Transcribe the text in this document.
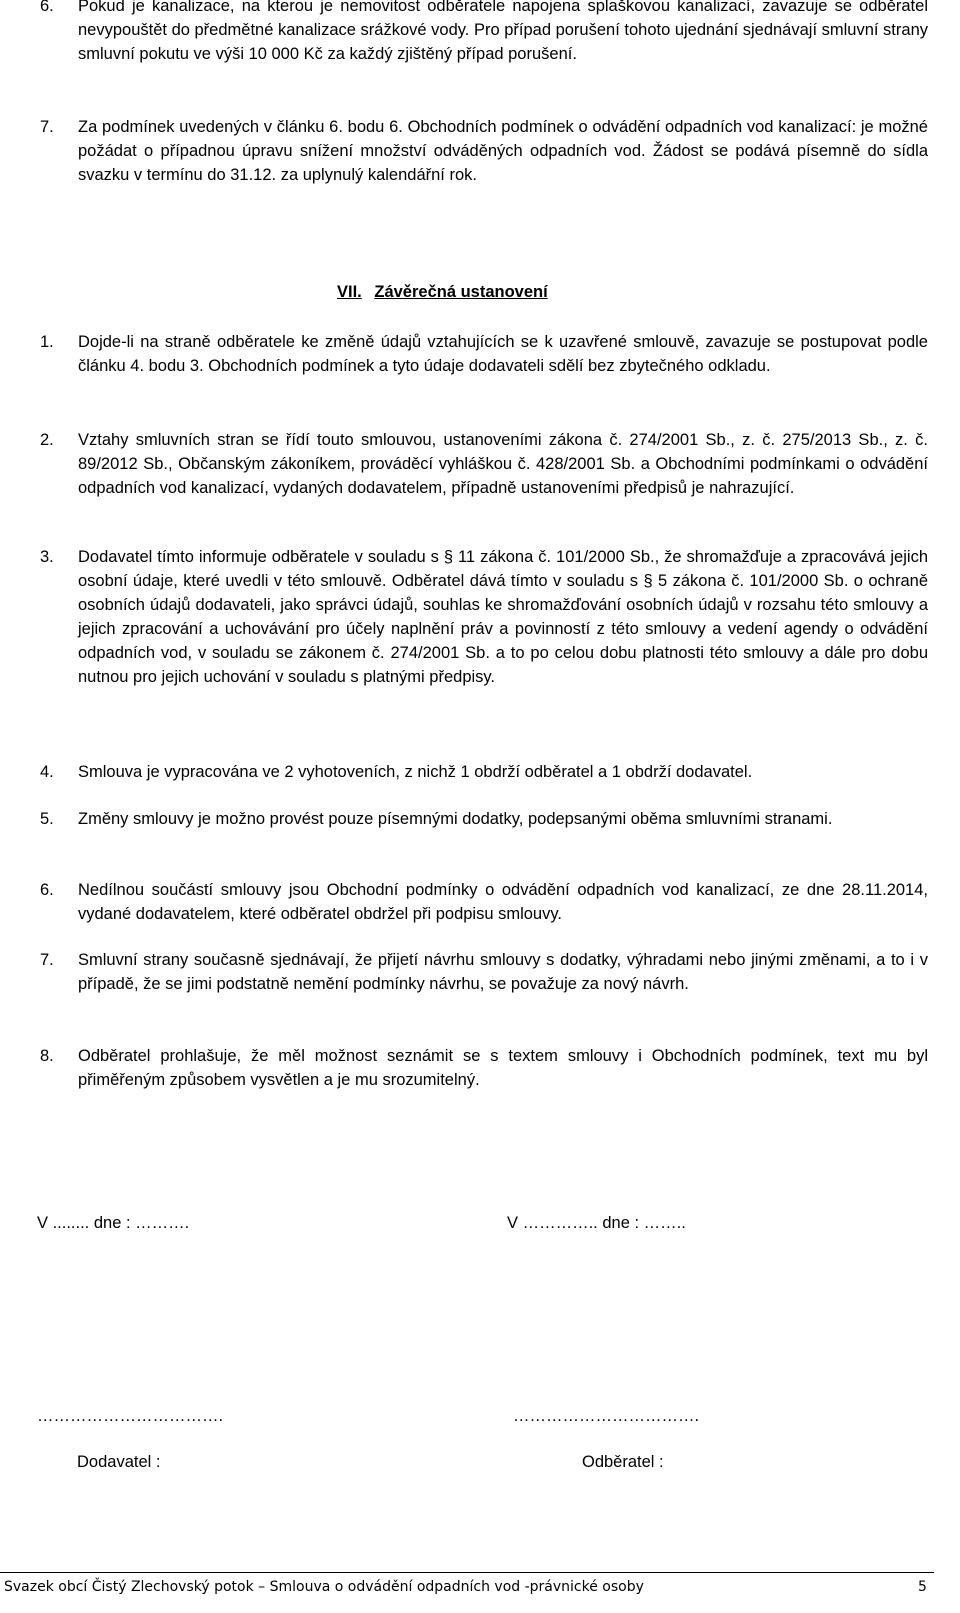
6. Pokud je kanalizace, na kterou je nemovitost odběratele napojena splaškovou kanalizací, zavazuje se odběratel nevypouštět do předmětné kanalizace srážkové vody. Pro případ porušení tohoto ujednání sjednávají smluvní strany smluvní pokutu ve výši 10 000 Kč za každý zjištěný případ porušení.
7. Za podmínek uvedených v článku 6. bodu 6. Obchodních podmínek o odvádění odpadních vod kanalizací: je možné požádat o případnou úpravu snížení množství odváděných odpadních vod. Žádost se podává písemně do sídla svazku v termínu do 31.12. za uplynulý kalendářní rok.
VII. Závěrečná ustanovení
1. Dojde-li na straně odběratele ke změně údajů vztahujících se k uzavřené smlouvě, zavazuje se postupovat podle článku 4. bodu 3. Obchodních podmínek a tyto údaje dodavateli sdělí bez zbytečného odkladu.
2. Vztahy smluvních stran se řídí touto smlouvou, ustanoveními zákona č. 274/2001 Sb., z. č. 275/2013 Sb., z. č. 89/2012 Sb., Občanským zákoníkem, prováděcí vyhláškou č. 428/2001 Sb. a Obchodními podmínkami o odvádění odpadních vod kanalizací, vydaných dodavatelem, případně ustanoveními předpisů je nahrazující.
3. Dodavatel tímto informuje odběratele v souladu s § 11 zákona č. 101/2000 Sb., že shromažďuje a zpracovává jejich osobní údaje, které uvedli v této smlouvě. Odběratel dává tímto v souladu s § 5 zákona č. 101/2000 Sb. o ochraně osobních údajů dodavateli, jako správci údajů, souhlas ke shromažďování osobních údajů v rozsahu této smlouvy a jejich zpracování a uchovávání pro účely naplnění práv a povinností z této smlouvy a vedení agendy o odvádění odpadních vod, v souladu se zákonem č. 274/2001 Sb. a to po celou dobu platnosti této smlouvy a dále pro dobu nutnou pro jejich uchování v souladu s platnými předpisy.
4. Smlouva je vypracována ve 2 vyhotoveních, z nichž 1 obdrží odběratel a 1 obdrží dodavatel.
5. Změny smlouvy je možno provést pouze písemnými dodatky, podepsanými oběma smluvními stranami.
6. Nedílnou součástí smlouvy jsou Obchodní podmínky o odvádění odpadních vod kanalizací, ze dne 28.11.2014, vydané dodavatelem, které odběratel obdržel při podpisu smlouvy.
7. Smluvní strany současně sjednávají, že přijetí návrhu smlouvy s dodatky, výhradami nebo jinými změnami, a to i v případě, že se jimi podstatně nemění podmínky návrhu, se považuje za nový návrh.
8. Odběratel prohlašuje, že měl možnost seznámit se s textem smlouvy i Obchodních podmínek, text mu byl přiměřeným způsobem vysvětlen a je mu srozumitelný.
V ........ dne : ……….	V ………….. dne : ……..
…………………………….	…………………………….
Dodavatel :	Odběratel :
Svazek obcí Čistý Zlechovský potok – Smlouva o odvádění odpadních vod -právnické osoby	5
